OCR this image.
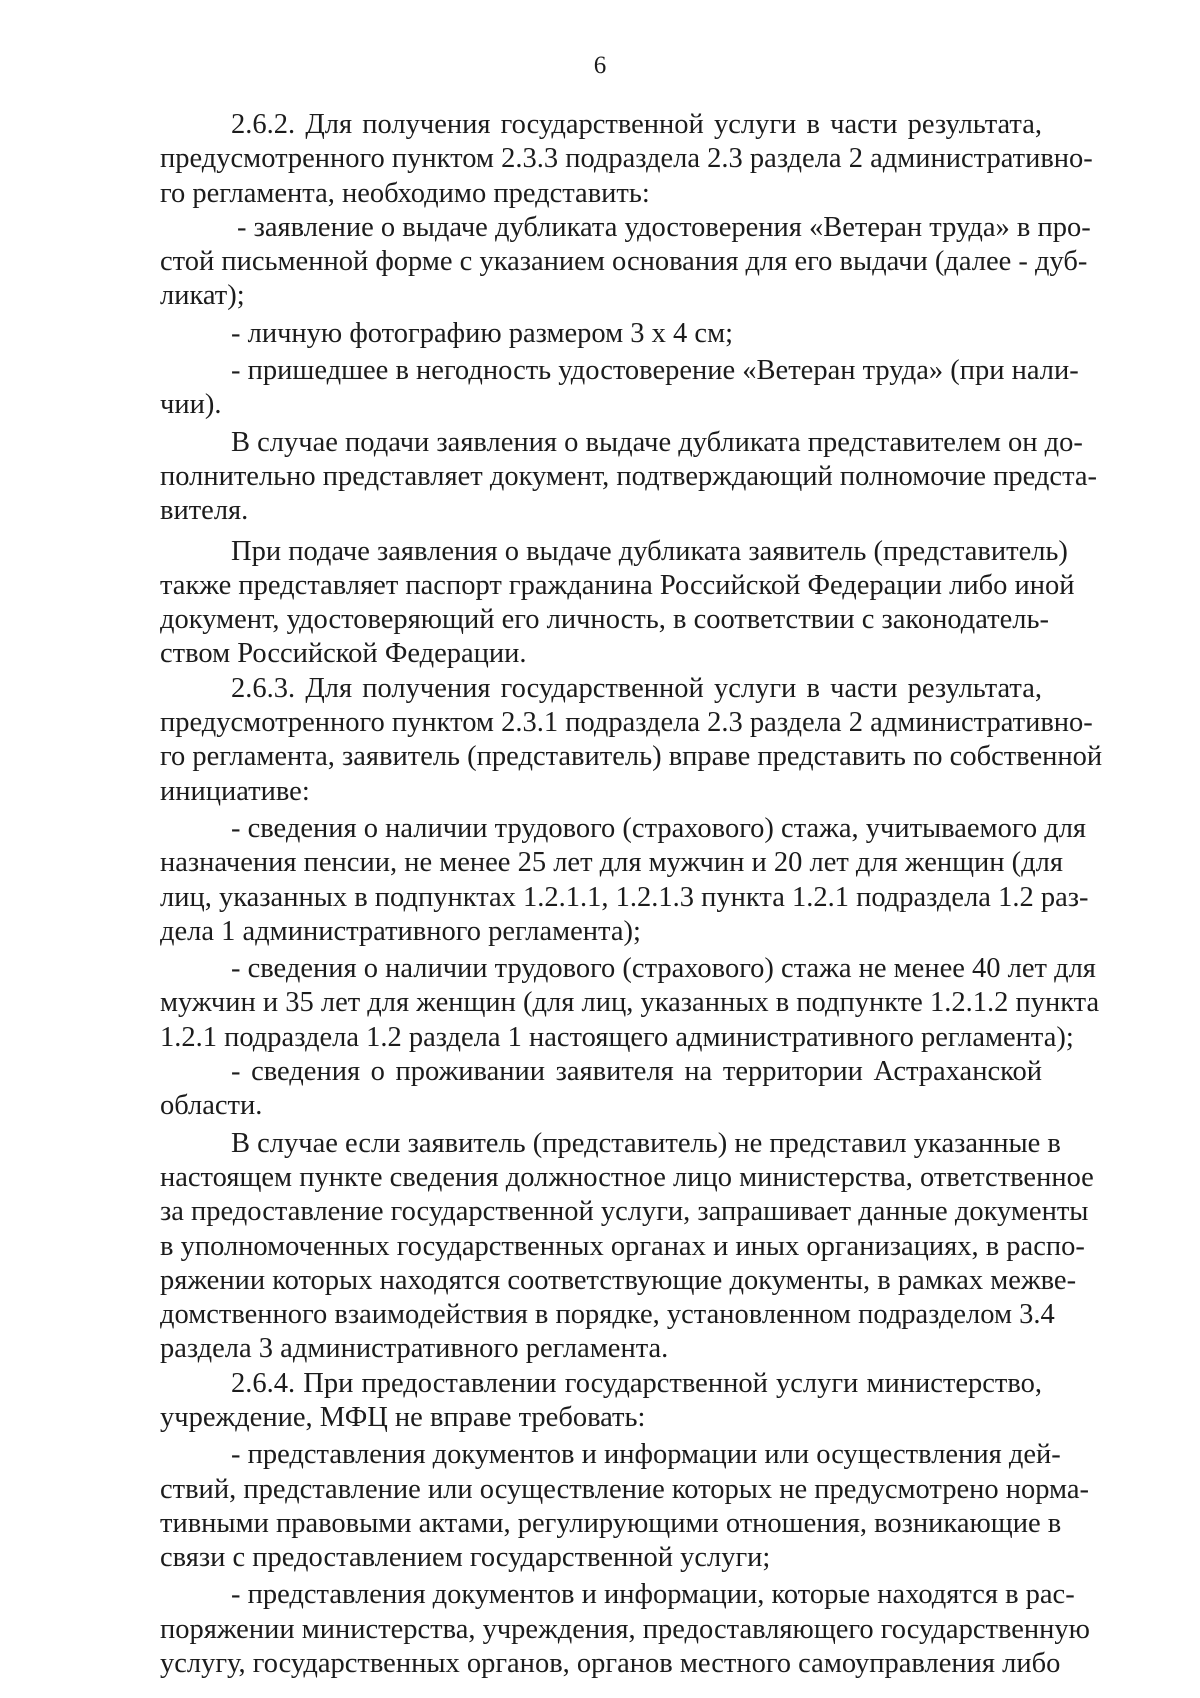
6
2.6.2. Для получения государственной услуги в части результата,
предусмотренного пунктом 2.3.3 подраздела 2.3 раздела 2 административно-
го регламента, необходимо представить:
- заявление о выдаче дубликата удостоверения «Ветеран труда» в про-
стой письменной форме с указанием основания для его выдачи (далее - дуб-
ликат);
- личную фотографию размером 3 х 4 см;
- пришедшее в негодность удостоверение «Ветеран труда» (при нали-
чии).
В случае подачи заявления о выдаче дубликата представителем он до-
полнительно представляет документ, подтверждающий полномочие предста-
вителя.
При подаче заявления о выдаче дубликата заявитель (представитель)
также представляет паспорт гражданина Российской Федерации либо иной
документ, удостоверяющий его личность, в соответствии с законодатель-
ством Российской Федерации.
2.6.3. Для получения государственной услуги в части результата,
предусмотренного пунктом 2.3.1 подраздела 2.3 раздела 2 административно-
го регламента, заявитель (представитель) вправе представить по собственной
инициативе:
- сведения о наличии трудового (страхового) стажа, учитываемого для
назначения пенсии, не менее 25 лет для мужчин и 20 лет для женщин (для
лиц, указанных в подпунктах 1.2.1.1, 1.2.1.3 пункта 1.2.1 подраздела 1.2 раз-
дела 1 административного регламента);
- сведения о наличии трудового (страхового) стажа не менее 40 лет для
мужчин и 35 лет для женщин (для лиц, указанных в подпункте 1.2.1.2 пункта
1.2.1 подраздела 1.2 раздела 1 настоящего административного регламента);
- сведения о проживании заявителя на территории Астраханской
области.
В случае если заявитель (представитель) не представил указанные в
настоящем пункте сведения должностное лицо министерства, ответственное
за предоставление государственной услуги, запрашивает данные документы
в уполномоченных государственных органах и иных организациях, в распо-
ряжении которых находятся соответствующие документы, в рамках межве-
домственного взаимодействия в порядке, установленном подразделом 3.4
раздела 3 административного регламента.
2.6.4. При предоставлении государственной услуги министерство,
учреждение, МФЦ не вправе требовать:
- представления документов и информации или осуществления дей-
ствий, представление или осуществление которых не предусмотрено норма-
тивными правовыми актами, регулирующими отношения, возникающие в
связи с предоставлением государственной услуги;
- представления документов и информации, которые находятся в рас-
поряжении министерства, учреждения, предоставляющего государственную
услугу, государственных органов, органов местного самоуправления либо
